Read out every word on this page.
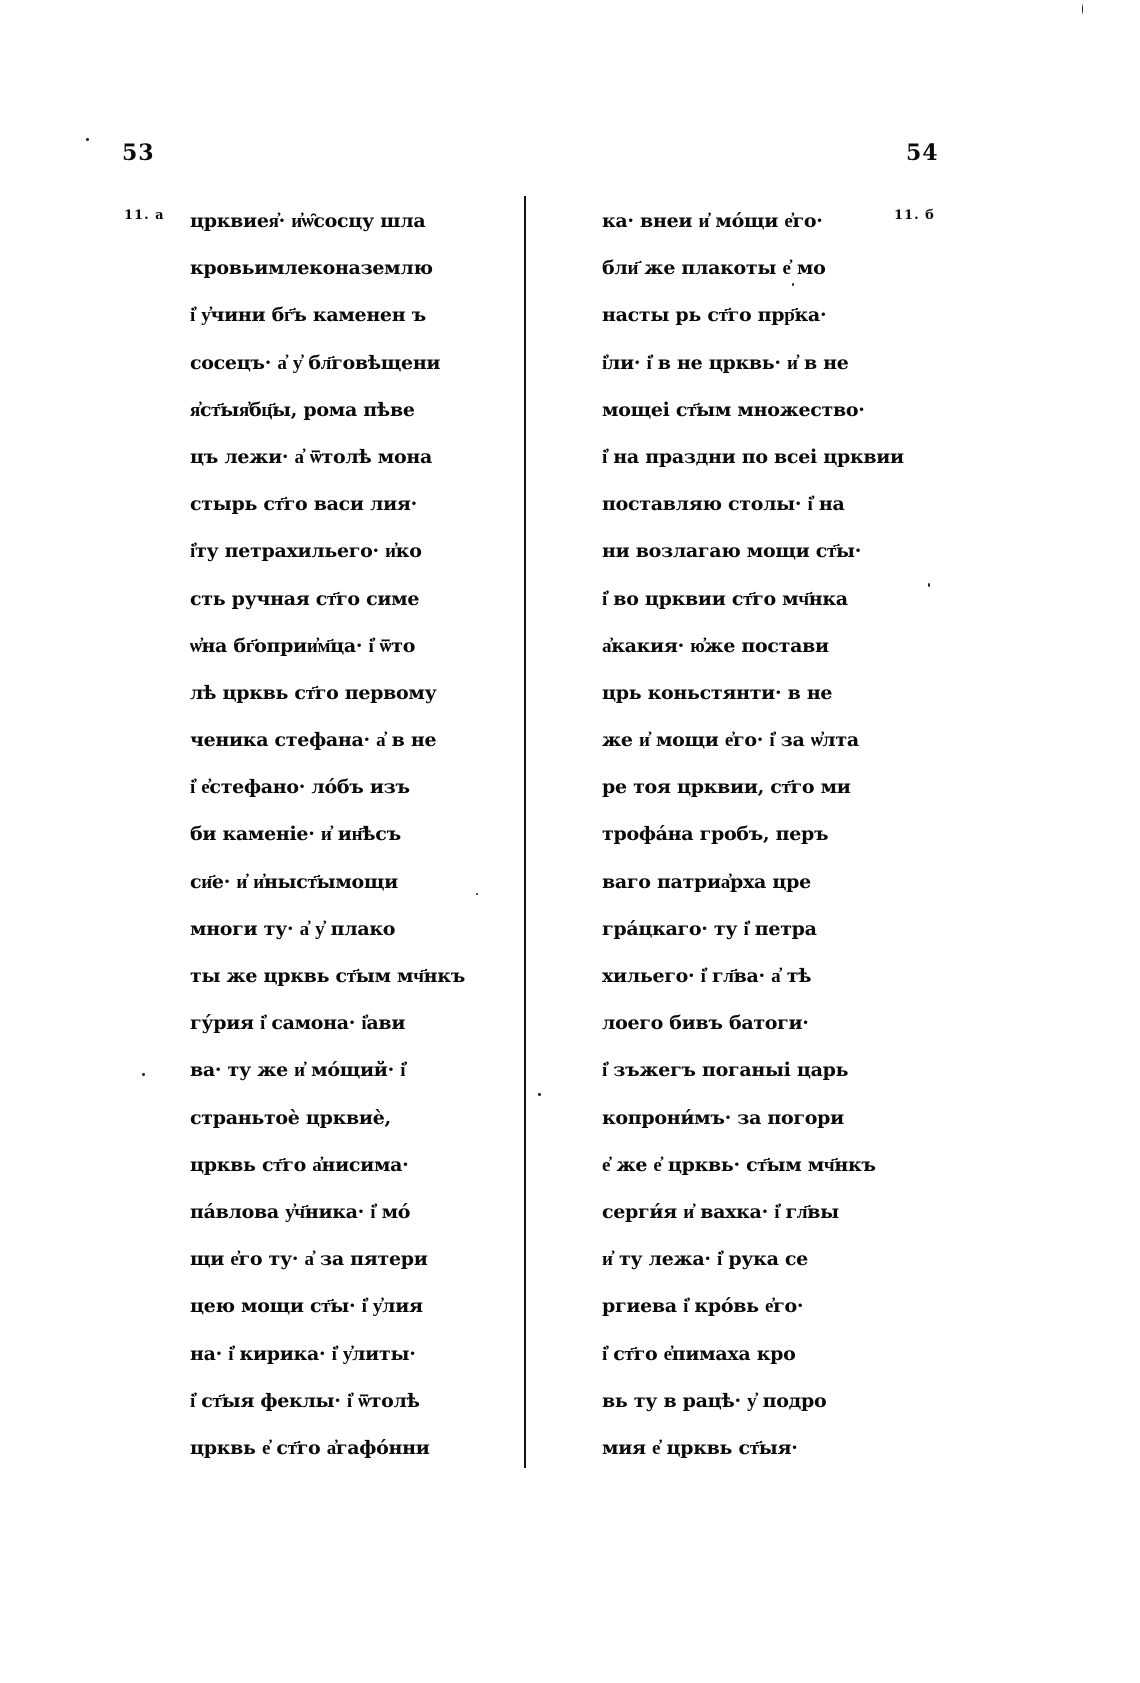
53	54
11. а	11. б
црквиея҆· и҆ѡ̑сосцу шла
кровьимлеконаземлю
і҆ у҆чини бг҃ъ каменен ъ
сосецъ· а҆ у҆ бл҃говѣщени
я҆ст҃ыя҆бц҃ы, рома пѣве
цъ лежи· а҆ ѿтолѣ мона
стырь ст҃го васи лия·
і҆ту петрахильего· и҆ко
сть ручная ст҃го симе
ѡ҆на бг҃оприи҆м҃ца· і҆ ѿто
лѣ црквь ст҃го первому
ченика стефана· а҆ в не
і҆ е҆стефано· ло́бъ изъ
би каменіе· и҆ ин҃ѣсъ
си҃е· и҆ и҆ныст҃ымощи
многи ту· а҆ у҆ плако
ты же црквь ст҃ым мч҃нкъ
гу́рия і҆ самона· і҆ави
ва· ту же и҆ мо́щий· і҆
страньтоѐ црквиѐ,
црквь ст҃го а҆нисима·
па́влова у҆ч҃ника· і҆ мо́
щи е҆го ту· а҆ за пятери
цею мощи ст҃ы· і҆ у҆лия
на· і҆ кирика· і҆ у҆литы·
і҆ ст҃ыя феклы· і҆ ѿтолѣ
црквь е҆ ст҃го а҆гафо́нни
ка· внеи и҆ мо́щи е҆го·
бли҃ же плакоты е҆ мо
насты рь ст҃го прр҃ка·
і҆ли· і҆ в не црквь· и҆ в не
мощеі ст҃ым множество·
і҆ на праздни по всеі црквии
поставляю столы· і҆ на
ни возлагаю мощи ст҃ы·
і҆ во црквии ст҃го мч҃нка
а҆какия· ю҆же постави
црь коньстянти· в не
же и҆ мощи е҆го· і҆ за ѡ҆лта
ре тоя црквии, ст҃го ми
трофа́на гробъ, перъ
ваго патриа҆рха цре
гра́цкаго· ту і҆ петра
хильего· і҆ гл҃ва· а҆ тѣ
лоего бивъ батоги·
і҆ зъжегъ поганыі царь
копрони́мъ· за погори
е҆ же е҆ црквь· ст҃ым мч҃нкъ
серги́я и҆ вахка· і҆ гл҃вы
и҆ ту лежа· і҆ рука се
ргиева і҆ кро́вь е҆го·
і҆ ст҃го е҆пимаха кро
вь ту в рацѣ· у҆ подро
мия е҆ црквь ст҃ыя·
